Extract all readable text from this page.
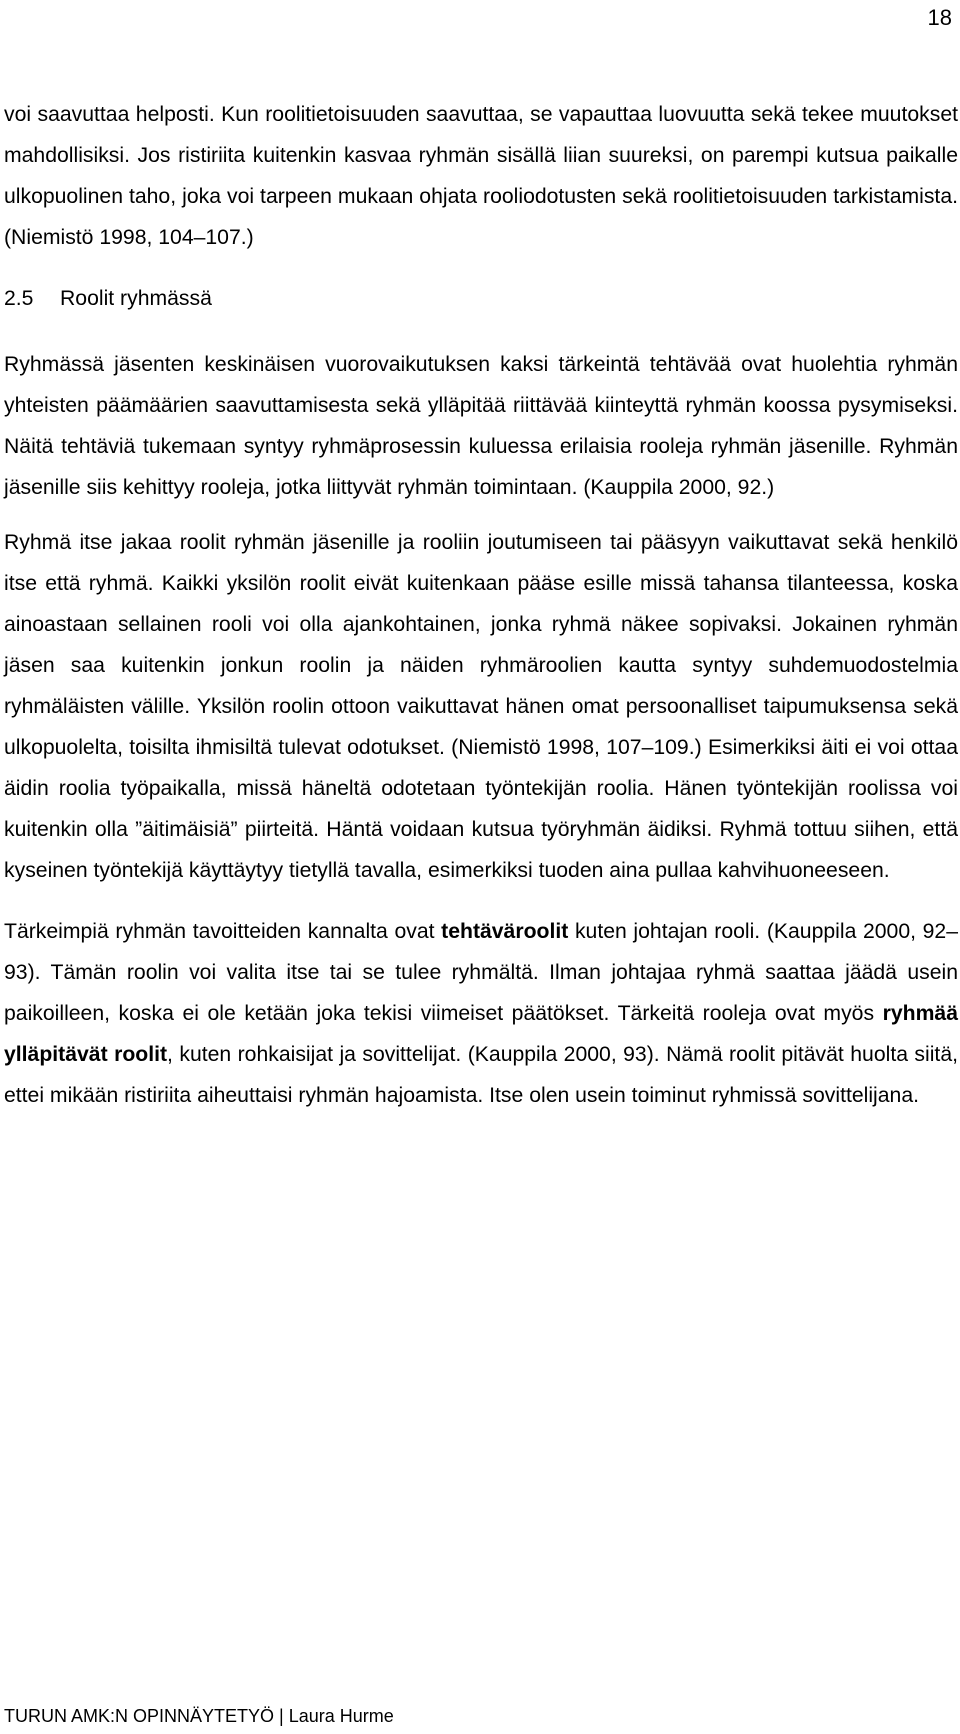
18

voi saavuttaa helposti. Kun roolitietoisuuden saavuttaa, se vapauttaa luovuutta sekä tekee muutokset mahdollisiksi. Jos ristiriita kuitenkin kasvaa ryhmän sisällä liian suureksi, on parempi kutsua paikalle ulkopuolinen taho, joka voi tarpeen mukaan ohjata rooliodotusten sekä roolitietoisuuden tarkistamista. (Niemistö 1998, 104–107.)

2.5 Roolit ryhmässä

Ryhmässä jäsenten keskinäisen vuorovaikutuksen kaksi tärkeintä tehtävää ovat huolehtia ryhmän yhteisten päämäärien saavuttamisesta sekä ylläpitää riittävää kiinteyttä ryhmän koossa pysymiseksi. Näitä tehtäviä tukemaan syntyy ryhmäprosessin kuluessa erilaisia rooleja ryhmän jäsenille. Ryhmän jäsenille siis kehittyy rooleja, jotka liittyvät ryhmän toimintaan. (Kauppila 2000, 92.)

Ryhmä itse jakaa roolit ryhmän jäsenille ja rooliin joutumiseen tai pääsyyn vaikuttavat sekä henkilö itse että ryhmä. Kaikki yksilön roolit eivät kuitenkaan pääse esille missä tahansa tilanteessa, koska ainoastaan sellainen rooli voi olla ajankohtainen, jonka ryhmä näkee sopivaksi. Jokainen ryhmän jäsen saa kuitenkin jonkun roolin ja näiden ryhmäroolien kautta syntyy suhdemuodostelmia ryhmäläisten välille. Yksilön roolin ottoon vaikuttavat hänen omat persoonalliset taipumuksensa sekä ulkopuolelta, toisilta ihmisiltä tulevat odotukset. (Niemistö 1998, 107–109.) Esimerkiksi äiti ei voi ottaa äidin roolia työpaikalla, missä häneltä odotetaan työntekijän roolia. Hänen työntekijän roolissa voi kuitenkin olla ”äitimäisiä” piirteitä. Häntä voidaan kutsua työryhmän äidiksi. Ryhmä tottuu siihen, että kyseinen työntekijä käyttäytyy tietyllä tavalla, esimerkiksi tuoden aina pullaa kahvihuoneeseen.

Tärkeimpiä ryhmän tavoitteiden kannalta ovat tehtäväroolit kuten johtajan rooli. (Kauppila 2000, 92–93). Tämän roolin voi valita itse tai se tulee ryhmältä. Ilman johtajaa ryhmä saattaa jäädä usein paikoilleen, koska ei ole ketään joka tekisi viimeiset päätökset. Tärkeitä rooleja ovat myös ryhmää ylläpitävät roolit, kuten rohkaisijat ja sovittelijat. (Kauppila 2000, 93). Nämä roolit pitävät huolta siitä, ettei mikään ristiriita aiheuttaisi ryhmän hajoamista. Itse olen usein toiminut ryhmissä sovittelijana.

TURUN AMK:N OPINNÄYTETYÖ | Laura Hurme
